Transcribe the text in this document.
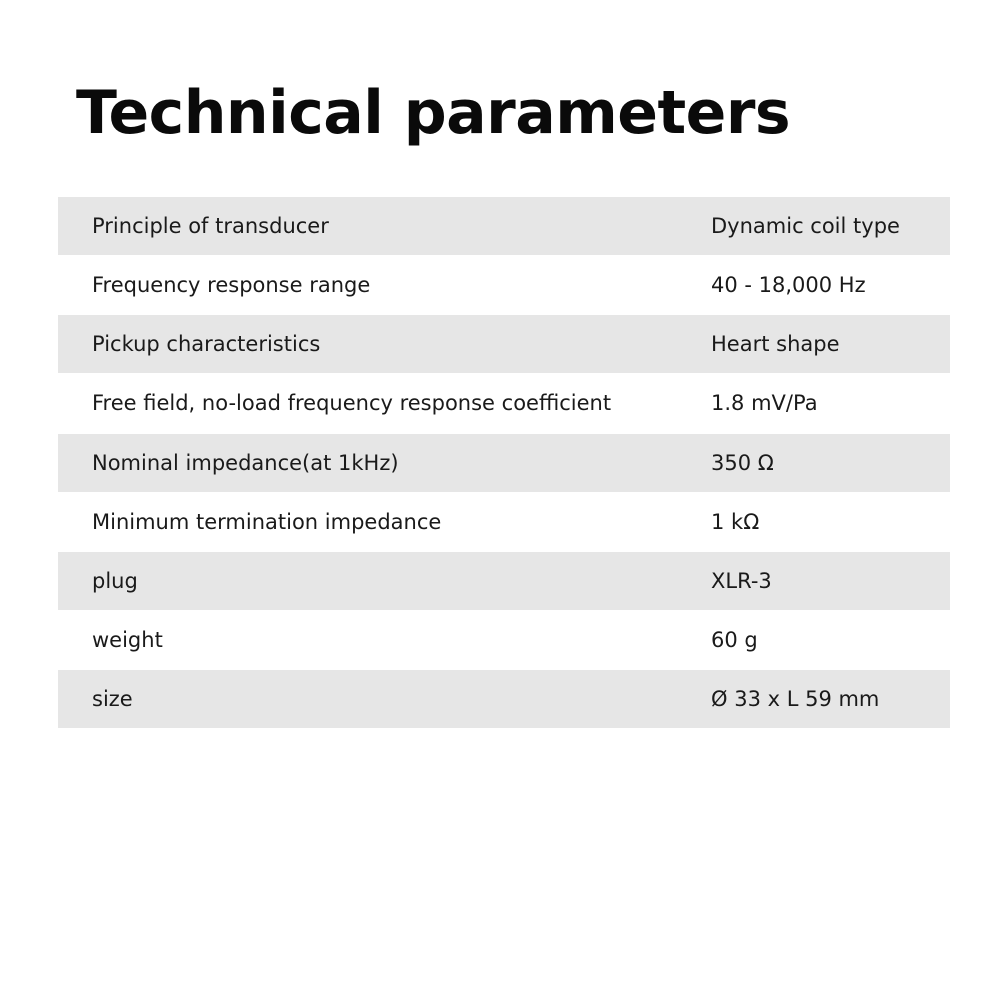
Technical parameters
Principle of transducer	Dynamic coil type
Frequency response range	40 - 18,000 Hz
Pickup characteristics	Heart shape
Free field, no-load frequency response coefficient	1.8 mV/Pa
Nominal impedance(at 1kHz)	350 Ω
Minimum termination impedance	1 kΩ
plug	XLR-3
weight	60 g
size	Ø 33 x L 59 mm
